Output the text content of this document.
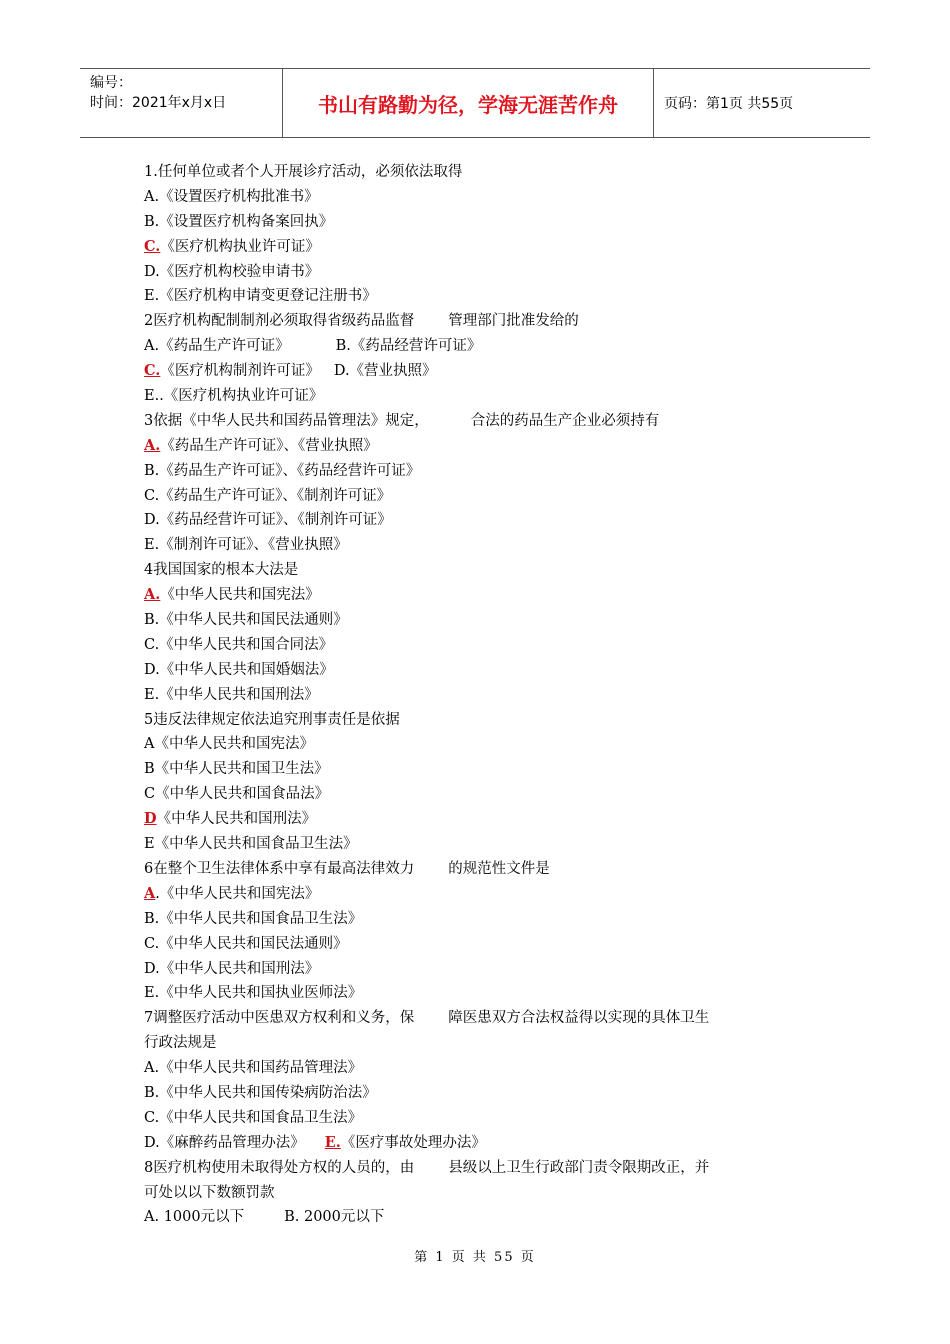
编号：
时间：2021年x月x日	书山有路勤为径，学海无涯苦作舟	页码：第1页 共55页
1.任何单位或者个人开展诊疗活动，必须依法取得
A.《设置医疗机构批准书》
B.《设置医疗机构备案回执》
C.《医疗机构执业许可证》
D.《医疗机构校验申请书》
E.《医疗机构申请变更登记注册书》
2医疗机构配制制剂必须取得省级药品监督 管理部门批准发给的
A.《药品生产许可证》	B.《药品经营许可证》
C.《医疗机构制剂许可证》 D.《营业执照》
E..《医疗机构执业许可证》
3依据《中华人民共和国药品管理法》规定，	合法的药品生产企业必须持有
A.《药品生产许可证》、《营业执照》
B.《药品生产许可证》、《药品经营许可证》
C.《药品生产许可证》、《制剂许可证》
D.《药品经营许可证》、《制剂许可证》
E.《制剂许可证》、《营业执照》
4我国国家的根本大法是
A.《中华人民共和国宪法》
B.《中华人民共和国民法通则》
C.《中华人民共和国合同法》
D.《中华人民共和国婚姻法》
E.《中华人民共和国刑法》
5违反法律规定依法追究刑事责任是依据
A《中华人民共和国宪法》
B《中华人民共和国卫生法》
C《中华人民共和国食品法》
D《中华人民共和国刑法》
E《中华人民共和国食品卫生法》
6在整个卫生法律体系中享有最高法律效力 的规范性文件是
A.《中华人民共和国宪法》
B.《中华人民共和国食品卫生法》
C.《中华人民共和国民法通则》
D.《中华人民共和国刑法》
E.《中华人民共和国执业医师法》
7调整医疗活动中医患双方权利和义务，保 障医患双方合法权益得以实现的具体卫生
行政法规是
A.《中华人民共和国药品管理法》
B.《中华人民共和国传染病防治法》
C.《中华人民共和国食品卫生法》
D.《麻醉药品管理办法》 E.《医疗事故处理办法》
8医疗机构使用未取得处方权的人员的，由 县级以上卫生行政部门责令限期改正，并
可处以以下数额罚款
A. 1000元以下	B. 2000元以下
第 1 页 共 55 页
